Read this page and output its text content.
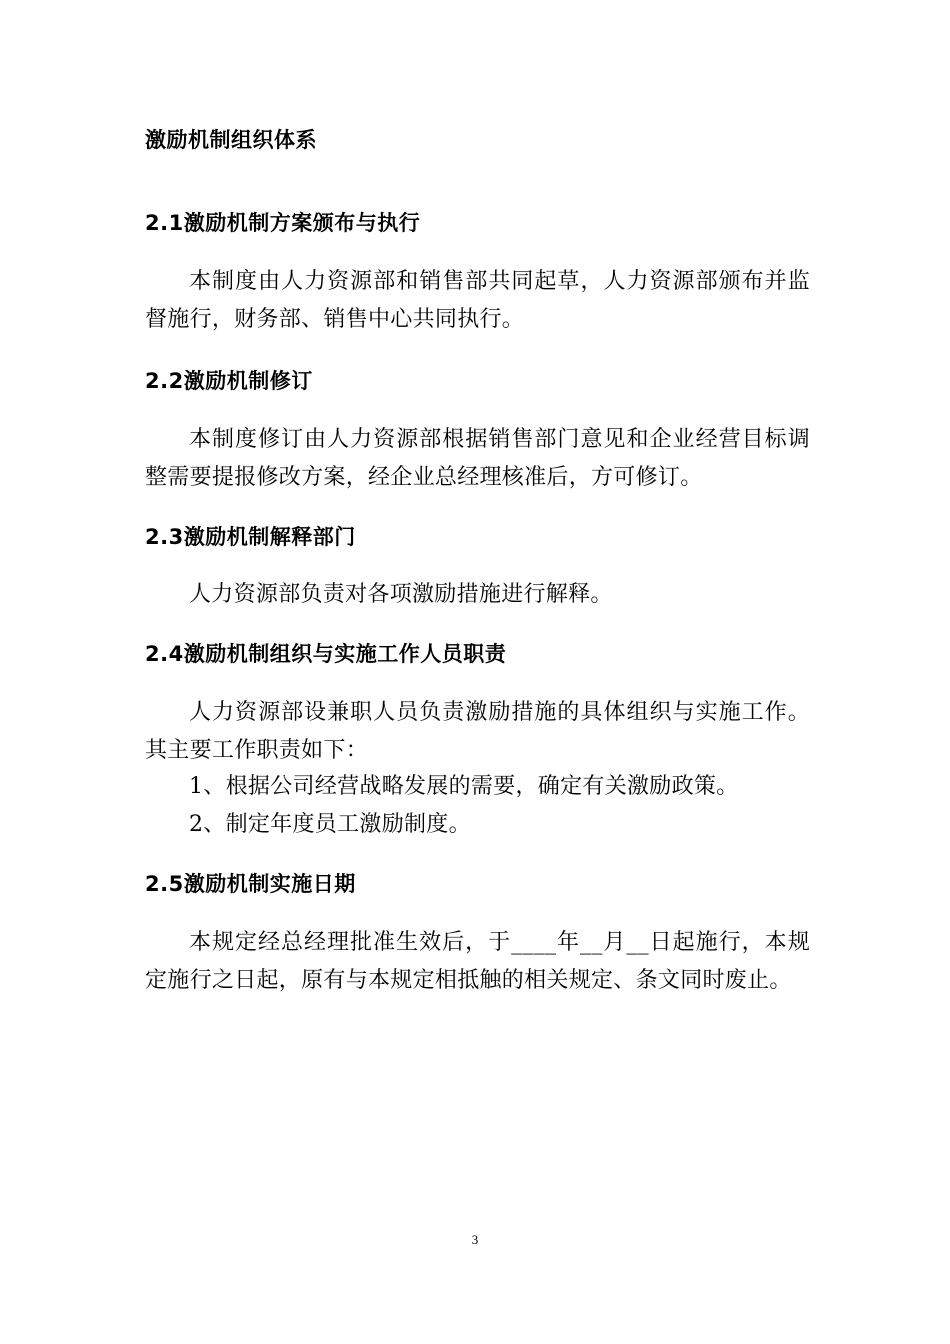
激励机制组织体系
2.1激励机制方案颁布与执行
本制度由人力资源部和销售部共同起草，人力资源部颁布并监督施行，财务部、销售中心共同执行。
2.2激励机制修订
本制度修订由人力资源部根据销售部门意见和企业经营目标调整需要提报修改方案，经企业总经理核准后，方可修订。
2.3激励机制解释部门
人力资源部负责对各项激励措施进行解释。
2.4激励机制组织与实施工作人员职责
人力资源部设兼职人员负责激励措施的具体组织与实施工作。其主要工作职责如下：
1、根据公司经营战略发展的需要，确定有关激励政策。
2、制定年度员工激励制度。
2.5激励机制实施日期
本规定经总经理批准生效后，于____年__月__日起施行，本规定施行之日起，原有与本规定相抵触的相关规定、条文同时废止。
3
